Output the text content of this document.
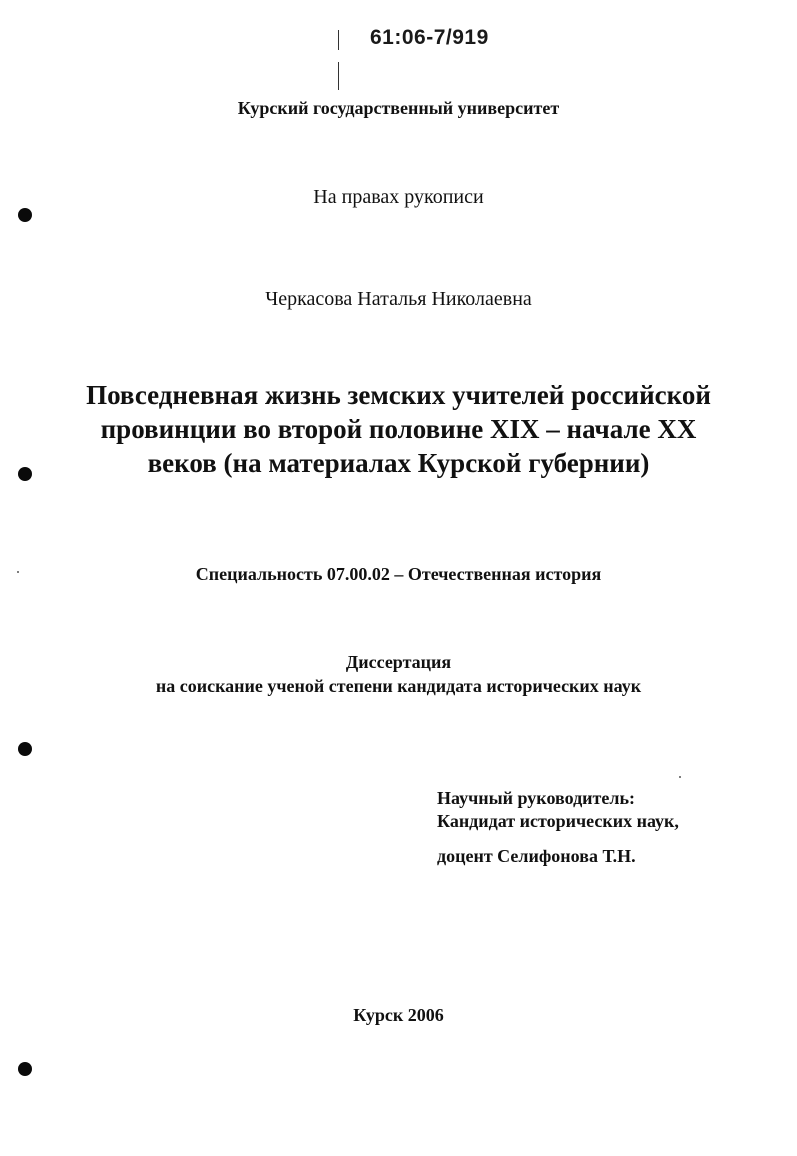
61:06-7/919
Курский государственный университет
На правах рукописи
Черкасова Наталья Николаевна
Повседневная жизнь земских учителей российской
провинции во второй половине XIX – начале XX
веков (на материалах Курской губернии)
Специальность 07.00.02 – Отечественная история
Диссертация
на соискание ученой степени кандидата исторических наук
Научный руководитель:
Кандидат исторических наук,
доцент Селифонова Т.Н.
Курск 2006
